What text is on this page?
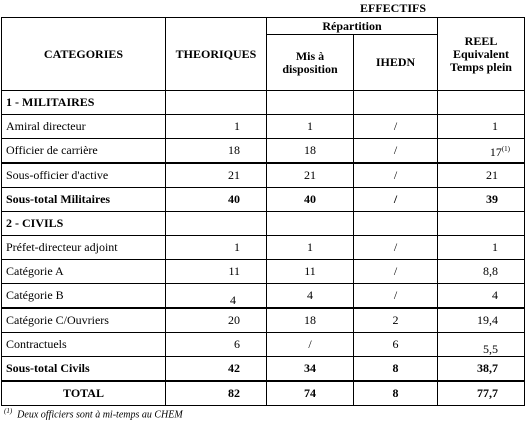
EFFECTIFS
CATEGORIES	THEORIQUES	Répartition		REEL Equivalent Temps plein
		Mis à disposition	IHEDN	
1 - MILITAIRES				
Amiral directeur	1	1	/	1
Officier de carrière	18	18	/	17$^{(1)}$
Sous-officier d'active	21	21	/	21
Sous-total Militaires	40	40	/	39
2 - CIVILS				
Préfet-directeur adjoint	1	1	/	1
Catégorie A	11	11	/	8,8
Catégorie B	4	4	/	4
Catégorie C/Ouvriers	20	18	2	19,4
Contractuels	6	/	6	5,5
Sous-total Civils	42	34	8	38,7
TOTAL	82	74	8	77,7
$^{(1)}$ Deux officiers sont à mi-temps au CHEM
